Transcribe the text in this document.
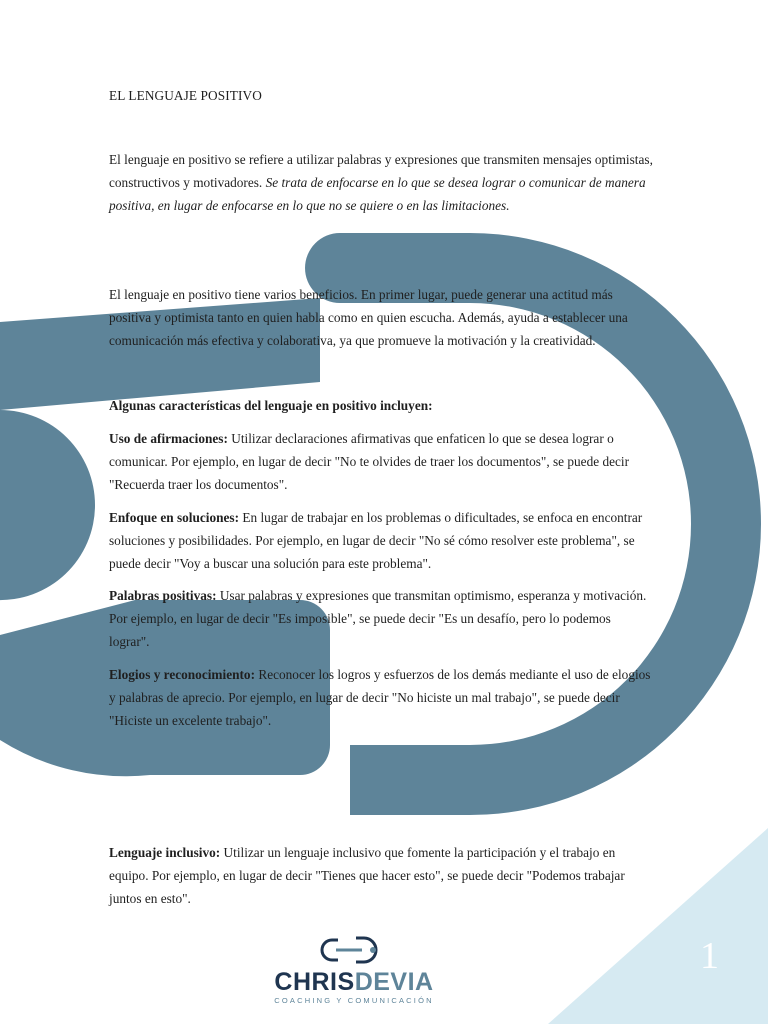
EL LENGUAJE POSITIVO

El lenguaje en positivo se refiere a utilizar palabras y expresiones que transmiten mensajes optimistas, constructivos y motivadores. Se trata de enfocarse en lo que se desea lograr o comunicar de manera positiva, en lugar de enfocarse en lo que no se quiere o en las limitaciones.

El lenguaje en positivo tiene varios beneficios. En primer lugar, puede generar una actitud más positiva y optimista tanto en quien habla como en quien escucha. Además, ayuda a establecer una comunicación más efectiva y colaborativa, ya que promueve la motivación y la creatividad.

Algunas características del lenguaje en positivo incluyen:

Uso de afirmaciones: Utilizar declaraciones afirmativas que enfaticen lo que se desea lograr o comunicar. Por ejemplo, en lugar de decir "No te olvides de traer los documentos", se puede decir "Recuerda traer los documentos".

Enfoque en soluciones: En lugar de trabajar en los problemas o dificultades, se enfoca en encontrar soluciones y posibilidades. Por ejemplo, en lugar de decir "No sé cómo resolver este problema", se puede decir "Voy a buscar una solución para este problema".

Palabras positivas: Usar palabras y expresiones que transmitan optimismo, esperanza y motivación. Por ejemplo, en lugar de decir "Es imposible", se puede decir "Es un desafío, pero lo podemos lograr".

Elogios y reconocimiento: Reconocer los logros y esfuerzos de los demás mediante el uso de elogios y palabras de aprecio. Por ejemplo, en lugar de decir "No hiciste un mal trabajo", se puede decir "Hiciste un excelente trabajo".

Lenguaje inclusivo: Utilizar un lenguaje inclusivo que fomente la participación y el trabajo en equipo. Por ejemplo, en lugar de decir "Tienes que hacer esto", se puede decir "Podemos trabajar juntos en esto".

CHRISDEVIA
COACHING Y COMUNICACIÓN
1
